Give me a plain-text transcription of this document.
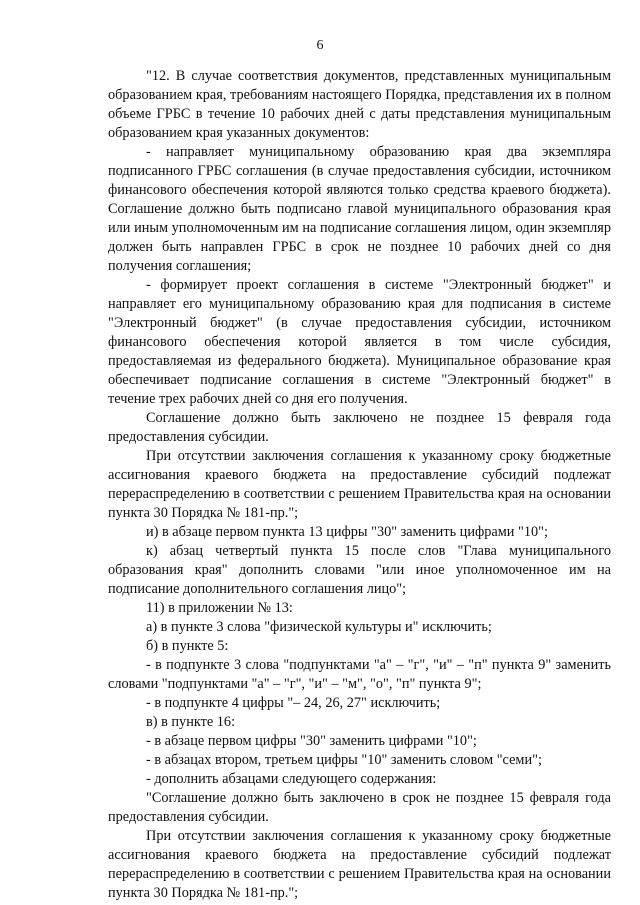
6

"12. В случае соответствия документов, представленных муниципальным образованием края, требованиям настоящего Порядка, представления их в полном объеме ГРБС в течение 10 рабочих дней с даты представления муниципальным образованием края указанных документов:

- направляет муниципальному образованию края два экземпляра подписанного ГРБС соглашения (в случае предоставления субсидии, источником финансового обеспечения которой являются только средства краевого бюджета). Соглашение должно быть подписано главой муниципального образования края или иным уполномоченным им на подписание соглашения лицом, один экземпляр должен быть направлен ГРБС в срок не позднее 10 рабочих дней со дня получения соглашения;

- формирует проект соглашения в системе "Электронный бюджет" и направляет его муниципальному образованию края для подписания в системе "Электронный бюджет" (в случае предоставления субсидии, источником финансового обеспечения которой является в том числе субсидия, предоставляемая из федерального бюджета). Муниципальное образование края обеспечивает подписание соглашения в системе "Электронный бюджет" в течение трех рабочих дней со дня его получения.

Соглашение должно быть заключено не позднее 15 февраля года предоставления субсидии.

При отсутствии заключения соглашения к указанному сроку бюджетные ассигнования краевого бюджета на предоставление субсидий подлежат перераспределению в соответствии с решением Правительства края на основании пункта 30 Порядка № 181-пр.";

и) в абзаце первом пункта 13 цифры "30" заменить цифрами "10";

к) абзац четвертый пункта 15 после слов "Глава муниципального образования края" дополнить словами "или иное уполномоченное им на подписание дополнительного соглашения лицо";

11) в приложении № 13:

а) в пункте 3 слова "физической культуры и" исключить;

б) в пункте 5:

- в подпункте 3 слова "подпунктами "а" – "г", "и" – "п" пункта 9" заменить словами "подпунктами "а" – "г", "и" – "м", "о", "п" пункта 9";

- в подпункте 4 цифры "– 24, 26, 27" исключить;

в) в пункте 16:

- в абзаце первом цифры "30" заменить цифрами "10";

- в абзацах втором, третьем цифры "10" заменить словом "семи";

- дополнить абзацами следующего содержания:

"Соглашение должно быть заключено в срок не позднее 15 февраля года предоставления субсидии.

При отсутствии заключения соглашения к указанному сроку бюджетные ассигнования краевого бюджета на предоставление субсидий подлежат перераспределению в соответствии с решением Правительства края на основании пункта 30 Порядка № 181-пр.";
